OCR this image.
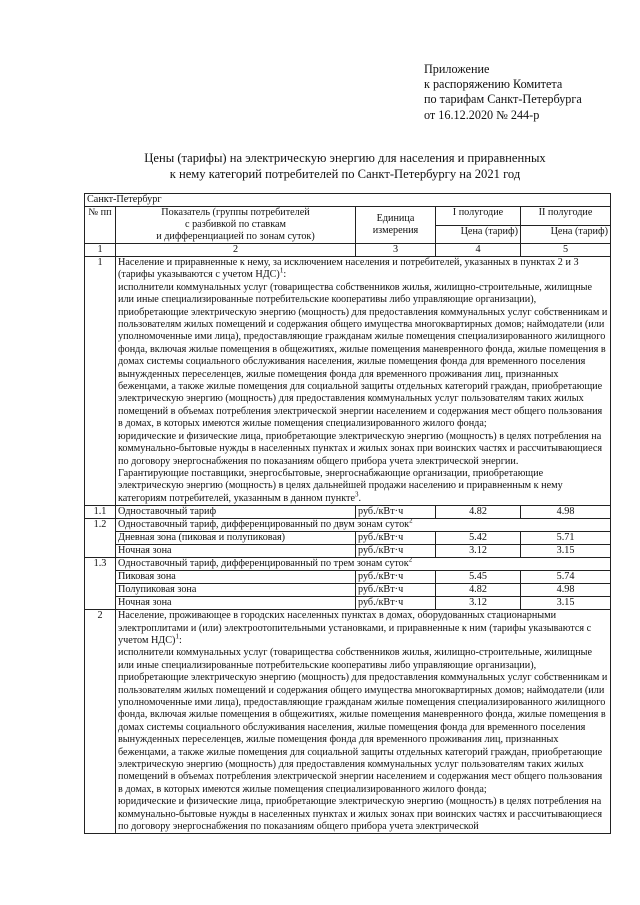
Приложение
к распоряжению Комитета
по тарифам Санкт-Петербурга
от 16.12.2020 № 244-р
Цены (тарифы) на электрическую энергию для населения и приравненных
к нему категорий потребителей по Санкт-Петербургу на 2021 год
Санкт-Петербург				
№ пп	Показатель (группы потребителей
с разбивкой по ставкам
и дифференциацией по зонам суток)	Единица измерения	I полугодие	II полугодие
			Цена (тариф)	Цена (тариф)
1	2	3	4	5
1	Население и приравненные к нему, за исключением населения и потребителей, указанных в пунктах 2 и 3 (тарифы указываются с учетом НДС)$^1$:

исполнители коммунальных услуг (товарищества собственников жилья, жилищно-строительные, жилищные или иные специализированные потребительские кооперативы либо управляющие организации), приобретающие электрическую энергию (мощность) для предоставления коммунальных услуг собственникам и пользователям жилых помещений и содержания общего имущества многоквартирных домов; наймодатели (или уполномоченные ими лица), предоставляющие гражданам жилые помещения специализированного жилищного фонда, включая жилые помещения в общежитиях, жилые помещения маневренного фонда, жилые помещения в домах системы социального обслуживания населения, жилые помещения фонда для временного поселения вынужденных переселенцев, жилые помещения фонда для временного проживания лиц, признанных беженцами, а также жилые помещения для социальной защиты отдельных категорий граждан, приобретающие электрическую энергию (мощность) для предоставления коммунальных услуг пользователям таких жилых помещений в объемах потребления электрической энергии населением и содержания мест общего пользования в домах, в которых имеются жилые помещения специализированного жилого фонда;

юридические и физические лица, приобретающие электрическую энергию (мощность) в целях потребления на коммунально-бытовые нужды в населенных пунктах и жилых зонах при воинских частях и рассчитывающиеся по договору энергоснабжения по показаниям общего прибора учета электрической энергии.

Гарантирующие поставщики, энергосбытовые, энергоснабжающие организации, приобретающие электрическую энергию (мощность) в целях дальнейшей продажи населению и приравненным к нему категориям потребителей, указанным в данном пункте$^3$.			

1.1	Одноставочный тариф	руб./кВт·ч	4.82	4.98
1.2	Одноставочный тариф, дифференцированный по двум зонам суток$^2$
	Дневная зона (пиковая и полупиковая)	руб./кВт·ч	5.42	5.71
	Ночная зона	руб./кВт·ч	3.12	3.15
1.3	Одноставочный тариф, дифференцированный по трем зонам суток$^2$
	Пиковая зона	руб./кВт·ч	5.45	5.74
	Полупиковая зона	руб./кВт·ч	4.82	4.98
	Ночная зона	руб./кВт·ч	3.12	3.15
2	Население, проживающее в городских населенных пунктах в домах, оборудованных стационарными электроплитами и (или) электроотопительными установками, и приравненные к ним (тарифы указываются с учетом НДС)$^1$:

исполнители коммунальных услуг (товарищества собственников жилья, жилищно-строительные, жилищные или иные специализированные потребительские кооперативы либо управляющие организации), приобретающие электрическую энергию (мощность) для предоставления коммунальных услуг собственникам и пользователям жилых помещений и содержания общего имущества многоквартирных домов; наймодатели (или уполномоченные ими лица), предоставляющие гражданам жилые помещения специализированного жилищного фонда, включая жилые помещения в общежитиях, жилые помещения маневренного фонда, жилые помещения в домах системы социального обслуживания населения, жилые помещения фонда для временного поселения вынужденных переселенцев, жилые помещения фонда для временного проживания лиц, признанных беженцами, а также жилые помещения для социальной защиты отдельных категорий граждан, приобретающие электрическую энергию (мощность) для предоставления коммунальных услуг пользователям таких жилых помещений в объемах потребления электрической энергии населением и содержания мест общего пользования в домах, в которых имеются жилые помещения специализированного жилого фонда;

юридические и физические лица, приобретающие электрическую энергию (мощность) в целях потребления на коммунально-бытовые нужды в населенных пунктах и жилых зонах при воинских частях и рассчитывающиеся по договору энергоснабжения по показаниям общего прибора учета электрической			
